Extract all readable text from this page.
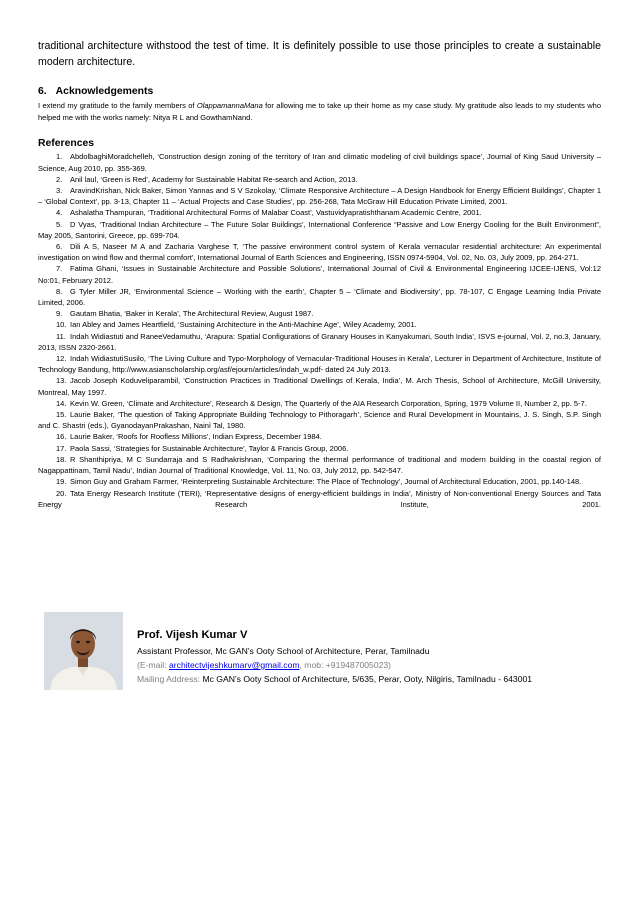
traditional architecture withstood the test of time. It is definitely possible to use those principles to create a sustainable modern architecture.

6. Acknowledgements

I extend my gratitude to the family members of OlappamannaMana for allowing me to take up their home as my case study. My gratitude also leads to my students who helped me with the works namely: Nitya R L and GowthamNand.

References

1. AbdolbaghiMoradchelleh, ‘Construction design zoning of the territory of Iran and climatic modeling of civil buildings space’, Journal of King Saud University – Science, Aug 2010, pp. 355-369.

2. Anil laul, ‘Green is Red’, Academy for Sustainable Habitat Re-search and Action, 2013.

3. AravindKrishan, Nick Baker, Simon Yannas and S V Szokolay, ‘Climate Responsive Architecture – A Design Handbook for Energy Efficient Buildings’, Chapter 1 – ‘Global Context’, pp. 3-13, Chapter 11 – ‘Actual Projects and Case Studies’, pp. 256-268, Tata McGraw Hill Education Private Limited, 2001.

4. Ashalatha Thampuran, ‘Traditional Architectural Forms of Malabar Coast’, Vastuvidyapratishthanam Academic Centre, 2001.

5. D Vyas, ‘Traditional Indian Architecture – The Future Solar Buildings’, International Conference “Passive and Low Energy Cooling for the Built Environment”, May 2005, Santorini, Greece, pp. 699-704.

6. Dili A S, Naseer M A and Zacharia Varghese T, ‘The passive environment control system of Kerala vernacular residential architecture: An experimental investigation on wind flow and thermal comfort’, International Journal of Earth Sciences and Engineering, ISSN 0974-5904, Vol. 02, No. 03, July 2009, pp. 264-271.

7. Fatima Ghani, ‘Issues in Sustainable Architecture and Possible Solutions’, International Journal of Civil & Environmental Engineering IJCEE-IJENS, Vol:12 No:01, February 2012.

8. G Tyler Miller JR, ‘Environmental Science – Working with the earth’, Chapter 5 – ‘Climate and Biodiversity’, pp. 78-107, C Engage Learning India Private Limited, 2006.

9. Gautam Bhatia, ‘Baker in Kerala’, The Architectural Review, August 1987.

10. Ian Abley and James Heartfield, ‘Sustaining Architecture in the Anti-Machine Age’, Wiley Academy, 2001.

11. Indah Widiastuti and RaneeVedamuthu, ‘Arapura: Spatial Configurations of Granary Houses in Kanyakumari, South India’, ISVS e-journal, Vol. 2, no.3, January, 2013, ISSN 2320-2661.

12. Indah WidiastutiSusilo, ‘The Living Culture and Typo-Morphology of Vernacular-Traditional Houses in Kerala’, Lecturer in Department of Architecture, Institute of Technology Bandung, http://www.asianscholarship.org/asf/ejourn/articles/indah_w.pdf- dated 24 July 2013.

13. Jacob Joseph Koduveliparambil, ‘Construction Practices in Traditional Dwellings of Kerala, India’, M. Arch Thesis, School of Architecture, McGill University, Montreal, May 1997.

14. Kevin W. Green, ‘Climate and Architecture’, Research & Design, The Quarterly of the AIA Research Corporation, Spring, 1979 Volume II, Number 2, pp. 5-7.

15. Laurie Baker, ‘The question of Taking Appropriate Building Technology to Pithoragarh’, Science and Rural Development in Mountains, J. S. Singh, S.P. Singh and C. Shastri (eds.), GyanodayanPrakashan, Nainì Tal, 1980.

16. Laurie Baker, ‘Roofs for Roofless Millions’, Indian Express, December 1984.

17. Paola Sassi, ‘Strategies for Sustainable Architecture’, Taylor & Francis Group, 2006.

18. R Shanthipriya, M C Sundarraja and S Radhakrishnan, ‘Comparing the thermal performance of traditional and modern building in the coastal region of Nagappattinam, Tamil Nadu’, Indian Journal of Traditional Knowledge, Vol. 11, No. 03, July 2012, pp. 542-547.

19. Simon Guy and Graham Farmer, ‘Reinterpreting Sustainable Architecture: The Place of Technology’, Journal of Architectural Education, 2001, pp.140-148.

20. Tata Energy Research Institute (TERI), ‘Representative designs of energy-efficient buildings in India’, Ministry of Non-conventional Energy Sources and Tata Energy Research Institute, 2001.

Prof. Vijesh Kumar V

Assistant Professor, Mc GAN’s Ooty School of Architecture, Perar, Tamilnadu

(E-mail: architectvijeshkumarv@gmail.com, mob: +919487005023)

Mailing Address: Mc GAN’s Ooty School of Architecture, 5/635, Perar, Ooty, Nilgiris, Tamilnadu - 643001
